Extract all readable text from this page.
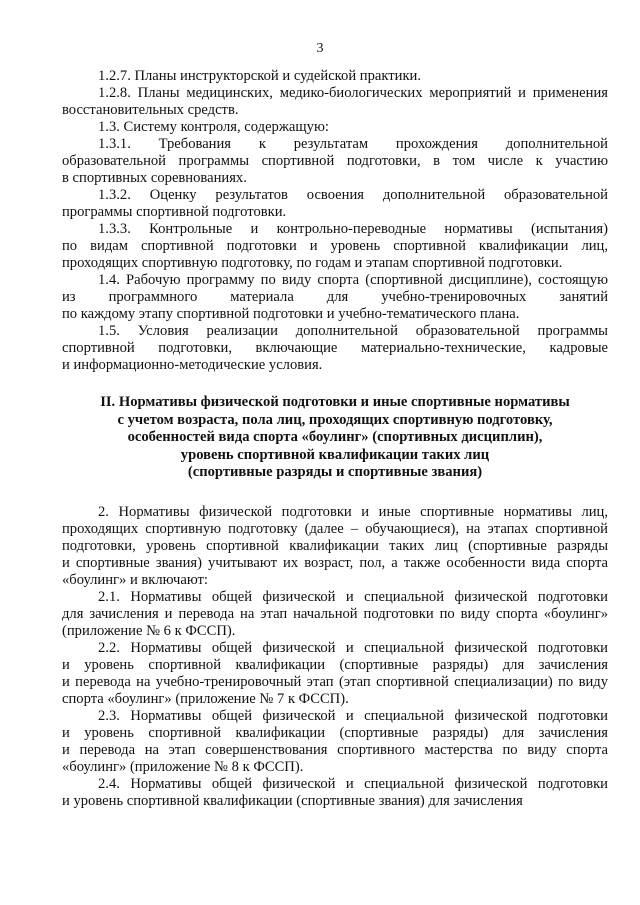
3
1.2.7. Планы инструкторской и судейской практики.
1.2.8. Планы медицинских, медико-биологических мероприятий и применения
восстановительных средств.
1.3. Систему контроля, содержащую:
1.3.1. Требования к результатам прохождения дополнительной
образовательной программы спортивной подготовки, в том числе к участию
в спортивных соревнованиях.
1.3.2. Оценку результатов освоения дополнительной образовательной
программы спортивной подготовки.
1.3.3. Контрольные и контрольно-переводные нормативы (испытания)
по видам спортивной подготовки и уровень спортивной квалификации лиц,
проходящих спортивную подготовку, по годам и этапам спортивной подготовки.
1.4. Рабочую программу по виду спорта (спортивной дисциплине), состоящую
из программного материала для учебно-тренировочных занятий
по каждому этапу спортивной подготовки и учебно-тематического плана.
1.5. Условия реализации дополнительной образовательной программы
спортивной подготовки, включающие материально-технические, кадровые
и информационно-методические условия.
II. Нормативы физической подготовки и иные спортивные нормативы
с учетом возраста, пола лиц, проходящих спортивную подготовку,
особенностей вида спорта «боулинг» (спортивных дисциплин),
уровень спортивной квалификации таких лиц
(спортивные разряды и спортивные звания)
2. Нормативы физической подготовки и иные спортивные нормативы лиц,
проходящих спортивную подготовку (далее – обучающиеся), на этапах спортивной
подготовки, уровень спортивной квалификации таких лиц (спортивные разряды
и спортивные звания) учитывают их возраст, пол, а также особенности вида спорта
«боулинг» и включают:
2.1. Нормативы общей физической и специальной физической подготовки
для зачисления и перевода на этап начальной подготовки по виду спорта «боулинг»
(приложение № 6 к ФССП).
2.2. Нормативы общей физической и специальной физической подготовки
и уровень спортивной квалификации (спортивные разряды) для зачисления
и перевода на учебно-тренировочный этап (этап спортивной специализации) по виду
спорта «боулинг» (приложение № 7 к ФССП).
2.3. Нормативы общей физической и специальной физической подготовки
и уровень спортивной квалификации (спортивные разряды) для зачисления
и перевода на этап совершенствования спортивного мастерства по виду спорта
«боулинг» (приложение № 8 к ФССП).
2.4. Нормативы общей физической и специальной физической подготовки
и уровень спортивной квалификации (спортивные звания) для зачисления
